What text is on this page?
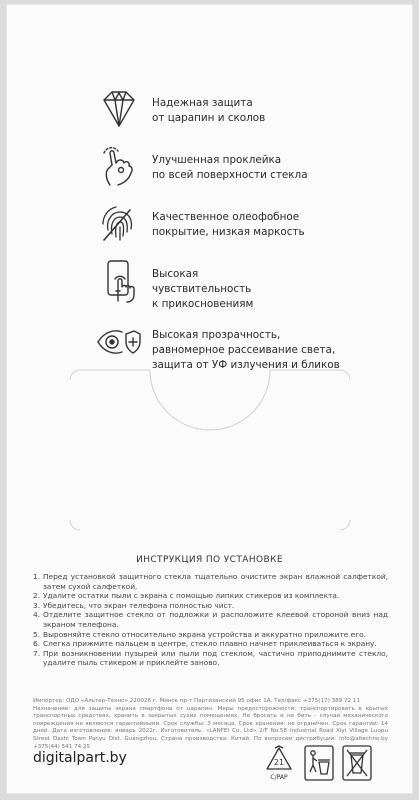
Надежная защита
от царапин и сколов
Улучшенная проклейка
по всей поверхности стекла
Качественное олеофобное
покрытие, низкая маркость
Высокая
чувствительность
к прикосновениям
Высокая прозрачность,
равномерное рассеивание света,
защита от УФ излучения и бликов
ИНСТРУКЦИЯ ПО УСТАНОВКЕ
1. Перед установкой защитного стекла тщательно очистите экран влажной салфеткой, затем сухой салфеткой.
2. Удалите остатки пыли с экрана с помощью липких стикеров из комплекта.
3. Убедитесь, что экран телефона полностью чист.
4. Отделите защитное стекло от подложки и расположите клеевой стороной вниз над экраном телефона.
5. Выровняйте стекло относительно экрана устройства и аккуратно приложите его.
6. Слегка прижмите пальцем в центре, стекло плавно начнет приклеиваться к экрану.
7. При возникновении пузырей или пыли под стеклом, частично приподнимите стекло, удалите пыль стикером и приклейте заново.
Импортер: ОДО «Альтер-Техно» 220026 г. Минск пр-т Партизанский 95 офис 1А. Тел/факс +375(17) 389 72 11
Назначение: для защиты экрана смартфона от царапин. Меры предосторожности: транспортировать в крытых транспортных средствах, хранить в закрытых сухих помещениях. Не бросать и не бить - случаи механического повреждения не являются гарантийными. Срок службы: 3 месяца. Срок хранения: не ограничен. Срок гарантии: 14 дней. Дата изготовления: январь 2022г. Изготовитель: «LANFEI Co. Ltd» 2/F No.58 Industrial Road Xiyi Village Luopu Street Dashi Town Panyu Dist. Guangzhou. Страна производства: Китай. По вопросам дистрибуции: info@altechno.by +375(44) 541 74 25
digitalpart.by	21
C/PAP
